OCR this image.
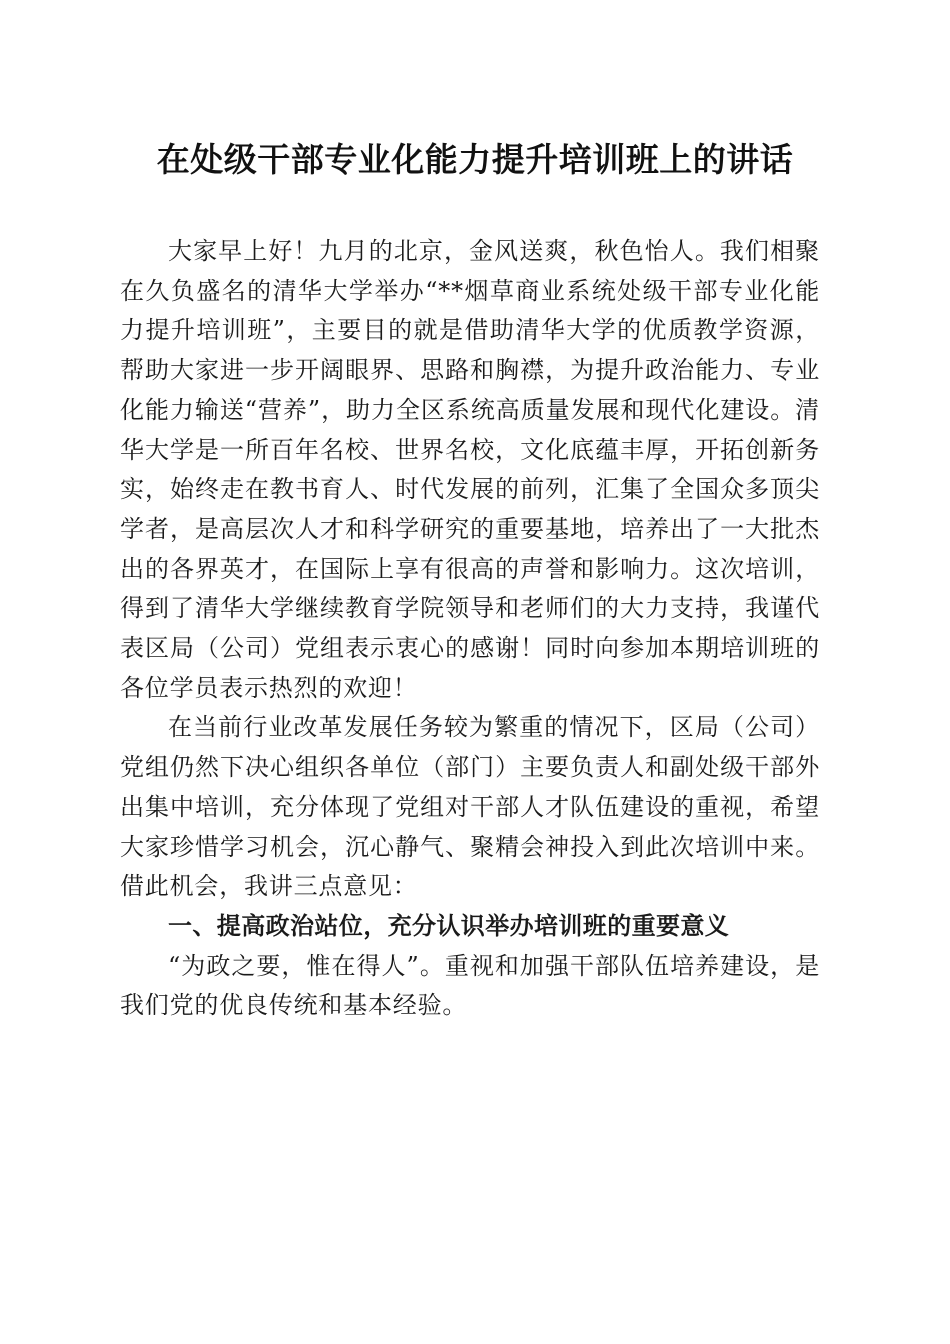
在处级干部专业化能力提升培训班上的讲话

大家早上好！九月的北京，金风送爽，秋色怡人。我们相聚在久负盛名的清华大学举办“**烟草商业系统处级干部专业化能力提升培训班”，主要目的就是借助清华大学的优质教学资源，帮助大家进一步开阔眼界、思路和胸襟，为提升政治能力、专业化能力输送“营养”，助力全区系统高质量发展和现代化建设。清华大学是一所百年名校、世界名校，文化底蕴丰厚，开拓创新务实，始终走在教书育人、时代发展的前列，汇集了全国众多顶尖学者，是高层次人才和科学研究的重要基地，培养出了一大批杰出的各界英才，在国际上享有很高的声誉和影响力。这次培训，得到了清华大学继续教育学院领导和老师们的大力支持，我谨代表区局（公司）党组表示衷心的感谢！同时向参加本期培训班的各位学员表示热烈的欢迎！

在当前行业改革发展任务较为繁重的情况下，区局（公司）党组仍然下决心组织各单位（部门）主要负责人和副处级干部外出集中培训，充分体现了党组对干部人才队伍建设的重视，希望大家珍惜学习机会，沉心静气、聚精会神投入到此次培训中来。借此机会，我讲三点意见：

一、提高政治站位，充分认识举办培训班的重要意义

“为政之要，惟在得人”。重视和加强干部队伍培养建设，是我们党的优良传统和基本经验。
